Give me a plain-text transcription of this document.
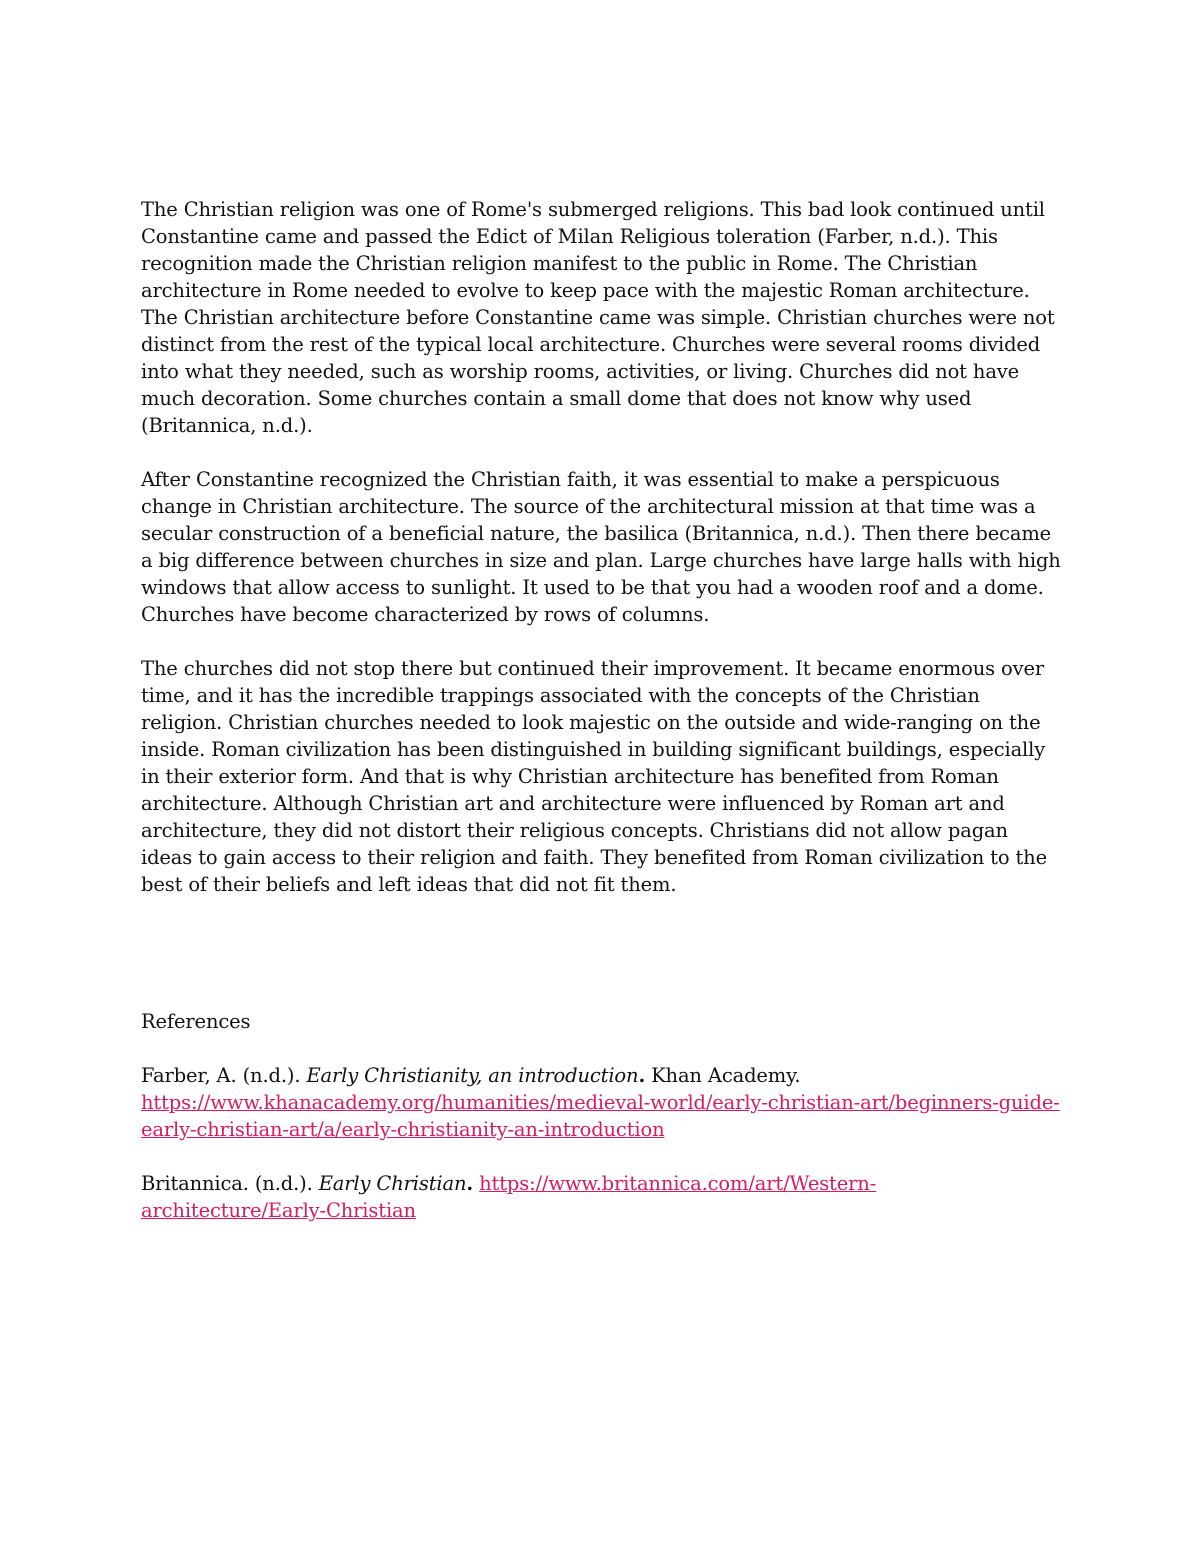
The Christian religion was one of Rome's submerged religions. This bad look continued until Constantine came and passed the Edict of Milan Religious toleration (Farber, n.d.). This recognition made the Christian religion manifest to the public in Rome. The Christian architecture in Rome needed to evolve to keep pace with the majestic Roman architecture. The Christian architecture before Constantine came was simple. Christian churches were not distinct from the rest of the typical local architecture. Churches were several rooms divided into what they needed, such as worship rooms, activities, or living. Churches did not have much decoration. Some churches contain a small dome that does not know why used (Britannica, n.d.).

After Constantine recognized the Christian faith, it was essential to make a perspicuous change in Christian architecture. The source of the architectural mission at that time was a secular construction of a beneficial nature, the basilica (Britannica, n.d.). Then there became a big difference between churches in size and plan. Large churches have large halls with high windows that allow access to sunlight. It used to be that you had a wooden roof and a dome. Churches have become characterized by rows of columns.

The churches did not stop there but continued their improvement. It became enormous over time, and it has the incredible trappings associated with the concepts of the Christian religion. Christian churches needed to look majestic on the outside and wide-ranging on the inside. Roman civilization has been distinguished in building significant buildings, especially in their exterior form. And that is why Christian architecture has benefited from Roman architecture. Although Christian art and architecture were influenced by Roman art and architecture, they did not distort their religious concepts. Christians did not allow pagan ideas to gain access to their religion and faith. They benefited from Roman civilization to the best of their beliefs and left ideas that did not fit them.

References

Farber, A. (n.d.). Early Christianity, an introduction. Khan Academy. https://www.khanacademy.org/humanities/medieval-world/early-christian-art/beginners-guide-early-christian-art/a/early-christianity-an-introduction

Britannica. (n.d.). Early Christian. https://www.britannica.com/art/Western-architecture/Early-Christian
